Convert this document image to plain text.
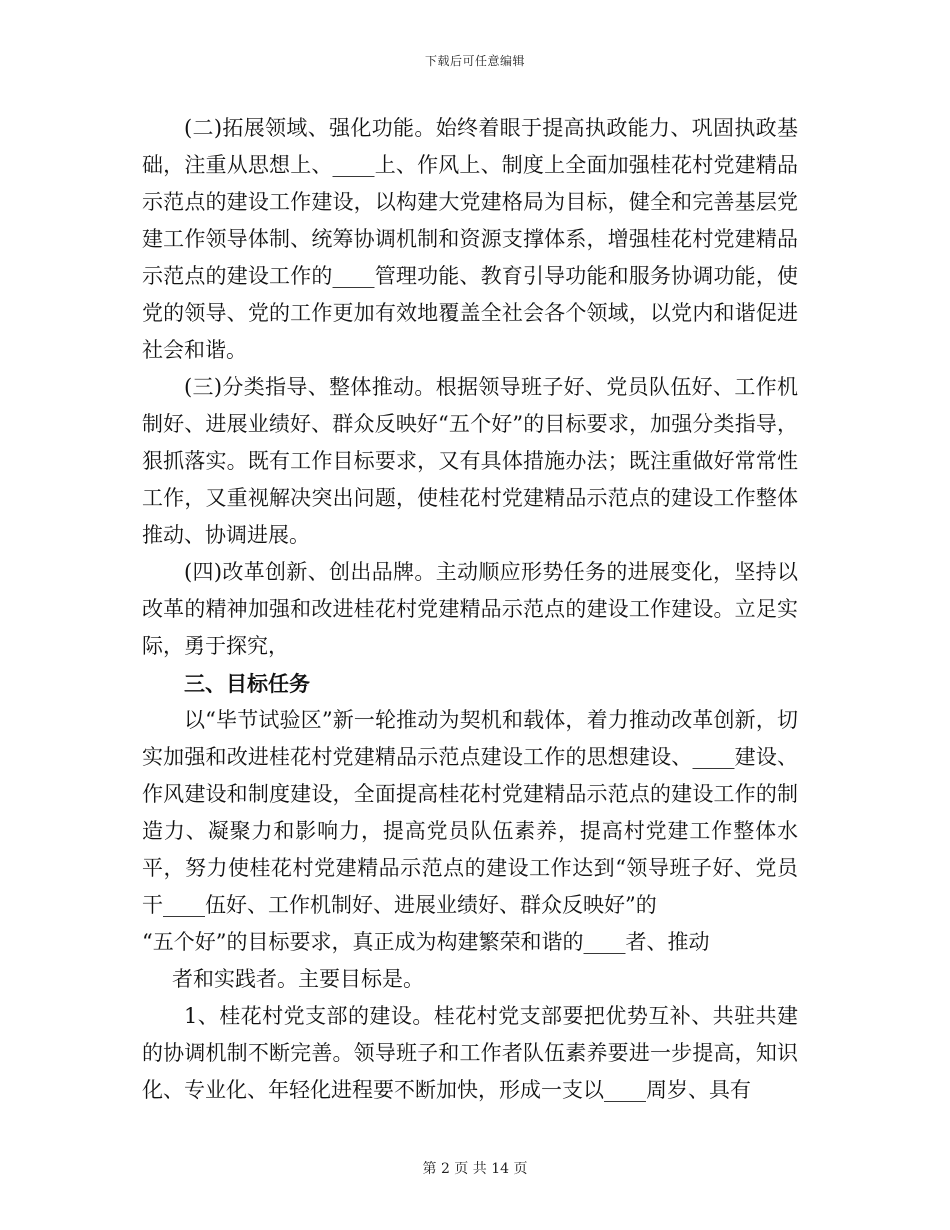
下载后可任意编辑

(二)拓展领域、强化功能。始终着眼于提高执政能力、巩固执政基础，注重从思想上、____上、作风上、制度上全面加强桂花村党建精品示范点的建设工作建设，以构建大党建格局为目标，健全和完善基层党建工作领导体制、统筹协调机制和资源支撑体系，增强桂花村党建精品示范点的建设工作的____管理功能、教育引导功能和服务协调功能，使党的领导、党的工作更加有效地覆盖全社会各个领域，以党内和谐促进社会和谐。

(三)分类指导、整体推动。根据领导班子好、党员队伍好、工作机制好、进展业绩好、群众反映好“五个好”的目标要求，加强分类指导，狠抓落实。既有工作目标要求，又有具体措施办法；既注重做好常常性工作，又重视解决突出问题，使桂花村党建精品示范点的建设工作整体推动、协调进展。

(四)改革创新、创出品牌。主动顺应形势任务的进展变化，坚持以改革的精神加强和改进桂花村党建精品示范点的建设工作建设。立足实际，勇于探究，

三、目标任务

以“毕节试验区”新一轮推动为契机和载体，着力推动改革创新，切实加强和改进桂花村党建精品示范点建设工作的思想建设、____建设、作风建设和制度建设，全面提高桂花村党建精品示范点的建设工作的制造力、凝聚力和影响力，提高党员队伍素养，提高村党建工作整体水平，努力使桂花村党建精品示范点的建设工作达到“领导班子好、党员干____伍好、工作机制好、进展业绩好、群众反映好”的

“五个好”的目标要求，真正成为构建繁荣和谐的____者、推动

者和实践者。主要目标是。

1、桂花村党支部的建设。桂花村党支部要把优势互补、共驻共建的协调机制不断完善。领导班子和工作者队伍素养要进一步提高，知识化、专业化、年轻化进程要不断加快，形成一支以____周岁、具有

第 2 页 共 14 页
